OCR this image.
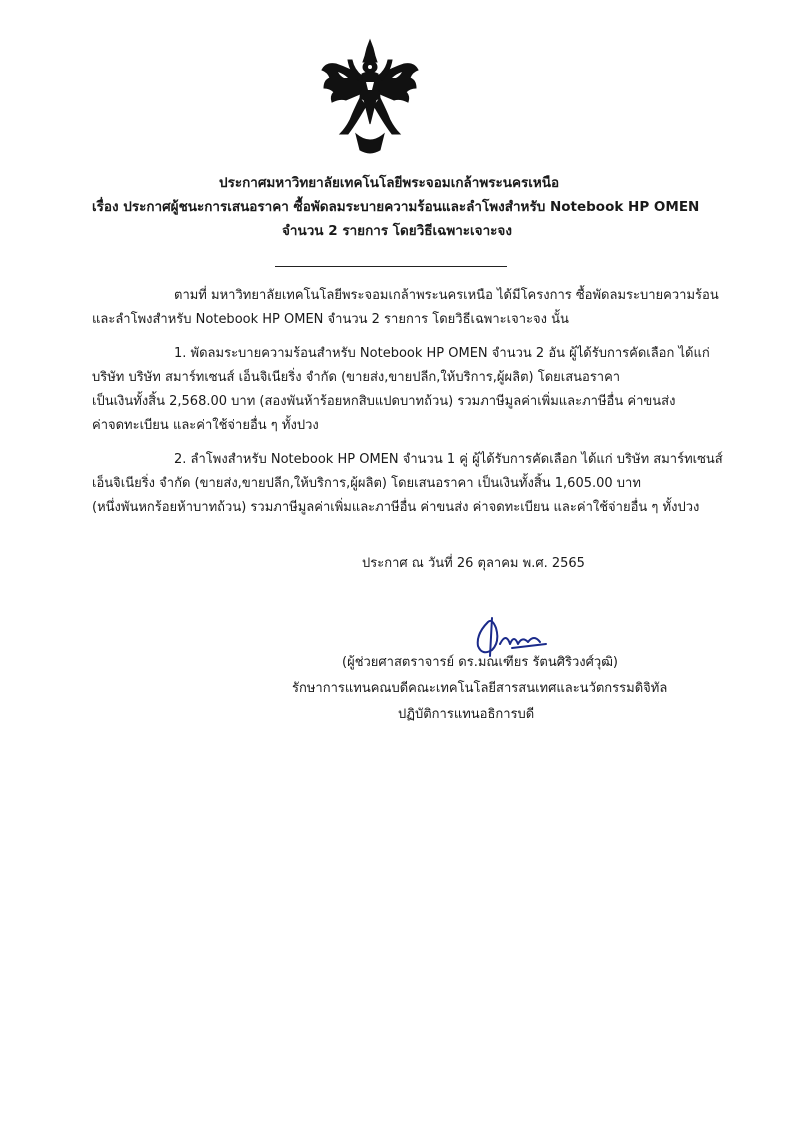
ประกาศมหาวิทยาลัยเทคโนโลยีพระจอมเกล้าพระนครเหนือ
เรื่อง ประกาศผู้ชนะการเสนอราคา ซื้อพัดลมระบายความร้อนและลำโพงสำหรับ Notebook HP OMEN
จำนวน 2 รายการ โดยวิธีเฉพาะเจาะจง
ตามที่ มหาวิทยาลัยเทคโนโลยีพระจอมเกล้าพระนครเหนือ ได้มีโครงการ ซื้อพัดลมระบายความร้อน
และลำโพงสำหรับ Notebook HP OMEN จำนวน 2 รายการ โดยวิธีเฉพาะเจาะจง นั้น
1. พัดลมระบายความร้อนสำหรับ Notebook HP OMEN จำนวน 2 อัน ผู้ได้รับการคัดเลือก ได้แก่
บริษัท บริษัท สมาร์ทเซนส์ เอ็นจิเนียริ่ง จำกัด (ขายส่ง,ขายปลีก,ให้บริการ,ผู้ผลิต) โดยเสนอราคา
เป็นเงินทั้งสิ้น 2,568.00 บาท (สองพันห้าร้อยหกสิบแปดบาทถ้วน) รวมภาษีมูลค่าเพิ่มและภาษีอื่น ค่าขนส่ง
ค่าจดทะเบียน และค่าใช้จ่ายอื่น ๆ ทั้งปวง
2. ลำโพงสำหรับ Notebook HP OMEN จำนวน 1 คู่ ผู้ได้รับการคัดเลือก ได้แก่ บริษัท สมาร์ทเซนส์
เอ็นจิเนียริ่ง จำกัด (ขายส่ง,ขายปลีก,ให้บริการ,ผู้ผลิต) โดยเสนอราคา เป็นเงินทั้งสิ้น 1,605.00 บาท
(หนึ่งพันหกร้อยห้าบาทถ้วน) รวมภาษีมูลค่าเพิ่มและภาษีอื่น ค่าขนส่ง ค่าจดทะเบียน และค่าใช้จ่ายอื่น ๆ ทั้งปวง
ประกาศ ณ วันที่ 26 ตุลาคม พ.ศ. 2565
(ผู้ช่วยศาสตราจารย์ ดร.มณเฑียร รัตนศิริวงศ์วุฒิ)
รักษาการแทนคณบดีคณะเทคโนโลยีสารสนเทศและนวัตกรรมดิจิทัล
ปฏิบัติการแทนอธิการบดี
